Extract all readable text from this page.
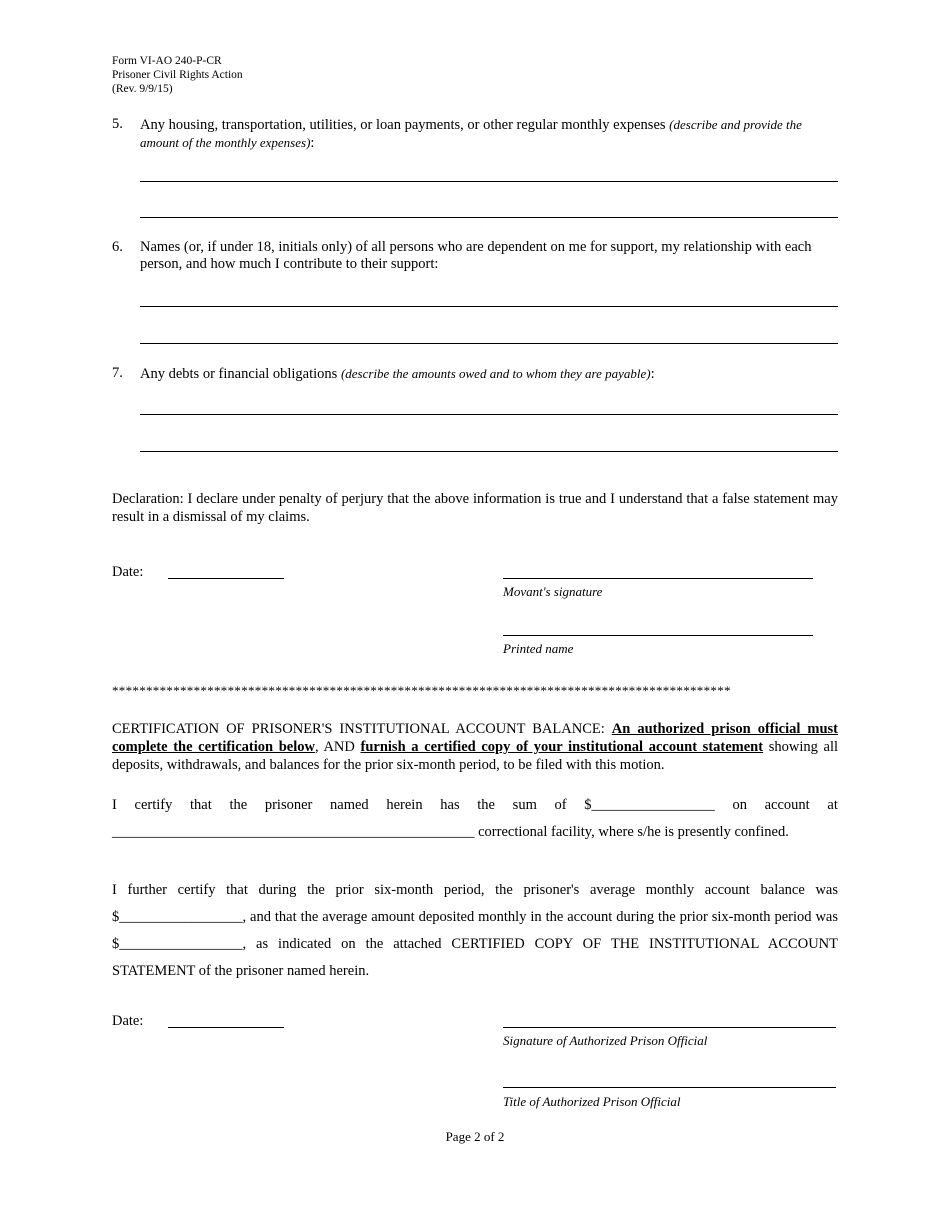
Form VI-AO 240-P-CR
Prisoner Civil Rights Action
(Rev. 9/9/15)
5. Any housing, transportation, utilities, or loan payments, or other regular monthly expenses (describe and provide the amount of the monthly expenses):
6. Names (or, if under 18, initials only) of all persons who are dependent on me for support, my relationship with each person, and how much I contribute to their support:
7. Any debts or financial obligations (describe the amounts owed and to whom they are payable):
Declaration: I declare under penalty of perjury that the above information is true and I understand that a false statement may result in a dismissal of my claims.
Date:
Movant's signature
Printed name
*******************************************************************************************
CERTIFICATION OF PRISONER'S INSTITUTIONAL ACCOUNT BALANCE: An authorized prison official must complete the certification below, AND furnish a certified copy of your institutional account statement showing all deposits, withdrawals, and balances for the prior six-month period, to be filed with this motion.
I certify that the prisoner named herein has the sum of $_________________ on account at
__________________________________________________ correctional facility, where s/he is presently confined.
I further certify that during the prior six-month period, the prisoner's average monthly account balance was $_________________, and that the average amount deposited monthly in the account during the prior six-month period was $_________________, as indicated on the attached CERTIFIED COPY OF THE INSTITUTIONAL ACCOUNT STATEMENT of the prisoner named herein.
Date:
Signature of Authorized Prison Official
Title of Authorized Prison Official
Page 2 of 2
